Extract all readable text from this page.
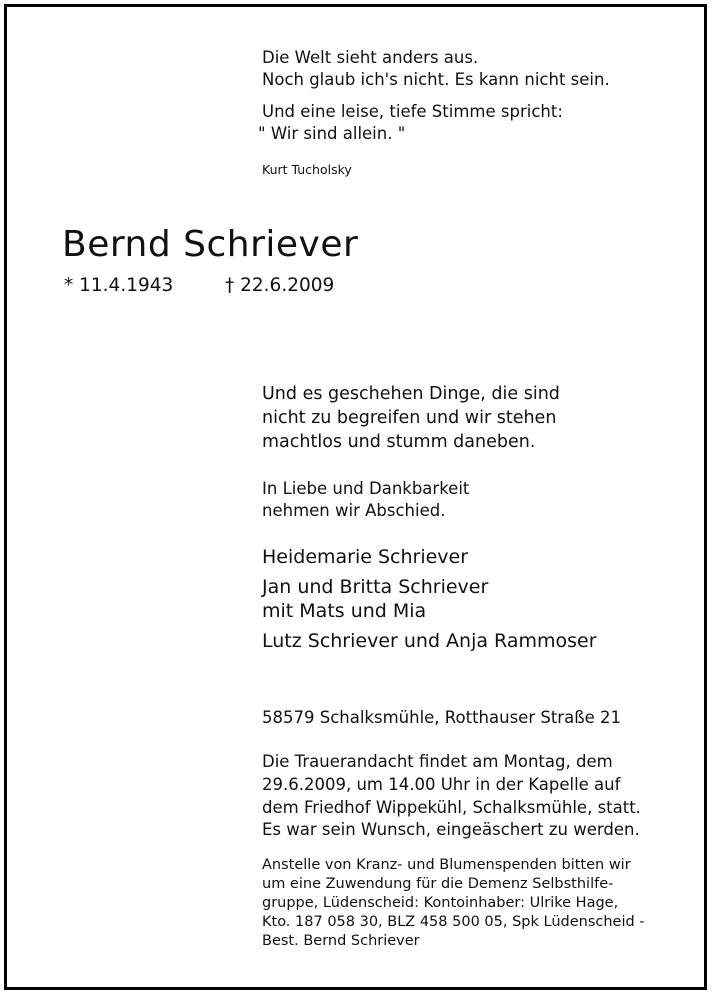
Die Welt sieht anders aus.
Noch glaub ich's nicht. Es kann nicht sein.
Und eine leise, tiefe Stimme spricht:
" Wir sind allein. "
Kurt Tucholsky
Bernd Schriever
* 11.4.1943	† 22.6.2009
Und es geschehen Dinge, die sind
nicht zu begreifen und wir stehen
machtlos und stumm daneben.
In Liebe und Dankbarkeit
nehmen wir Abschied.
Heidemarie Schriever
Jan und Britta Schriever
mit Mats und Mia
Lutz Schriever und Anja Rammoser
58579 Schalksmühle, Rotthauser Straße 21
Die Trauerandacht findet am Montag, dem
29.6.2009, um 14.00 Uhr in der Kapelle auf
dem Friedhof Wippekühl, Schalksmühle, statt.
Es war sein Wunsch, eingeäschert zu werden.
Anstelle von Kranz- und Blumenspenden bitten wir
um eine Zuwendung für die Demenz Selbsthilfe-
gruppe, Lüdenscheid: Kontoinhaber: Ulrike Hage,
Kto. 187 058 30, BLZ 458 500 05, Spk Lüdenscheid -
Best. Bernd Schriever
